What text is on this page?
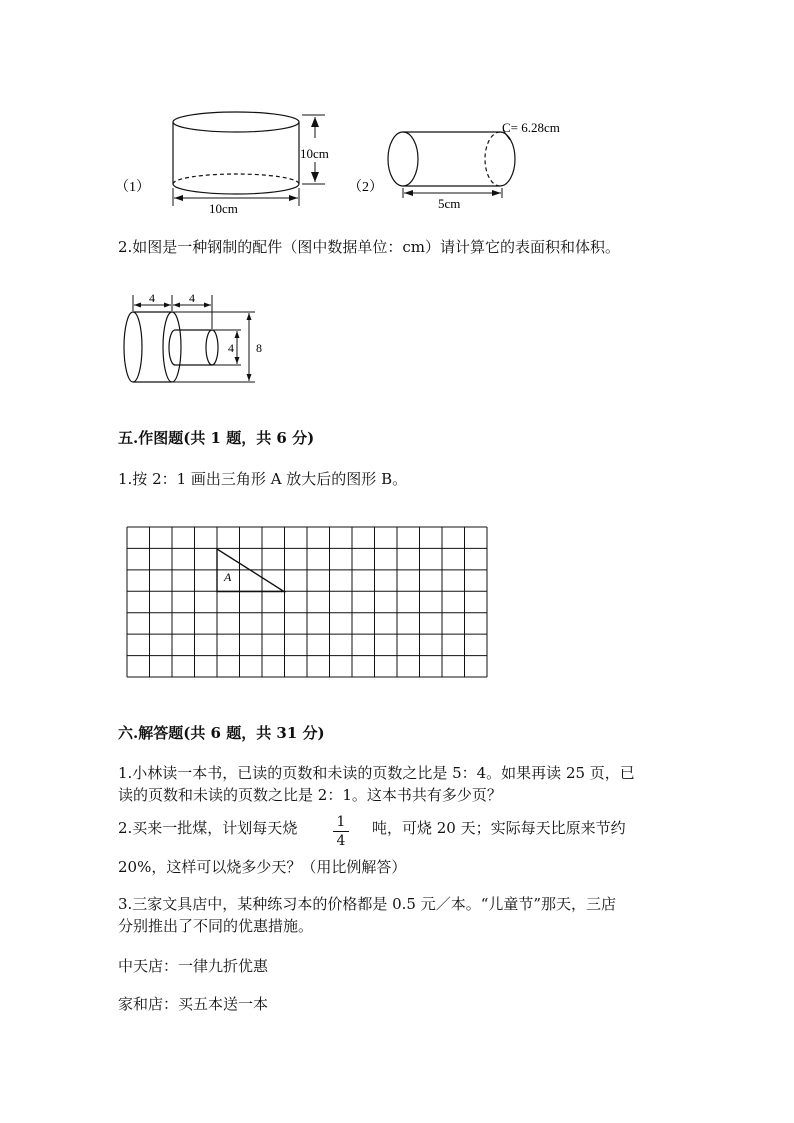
（1）
10cm
10cm
（2）
C= 6.28cm
5cm
2.如图是一种钢制的配件（图中数据单位：cm）请计算它的表面积和体积。
4	4
4 8
五.作图题(共 1 题，共 6 分)
1.按 2：1 画出三角形 A 放大后的图形 B。
A
六.解答题(共 6 题，共 31 分)
1.小林读一本书，已读的页数和未读的页数之比是 5：4。如果再读 25 页，已
读的页数和未读的页数之比是 2：1。这本书共有多少页？
2.买来一批煤，计划每天烧	1
4
吨，可烧 20 天；实际每天比原来节约
20%，这样可以烧多少天？（用比例解答）
3.三家文具店中，某种练习本的价格都是 0.5 元／本。“儿童节”那天，三店
分别推出了不同的优惠措施。
中天店：一律九折优惠
家和店：买五本送一本
